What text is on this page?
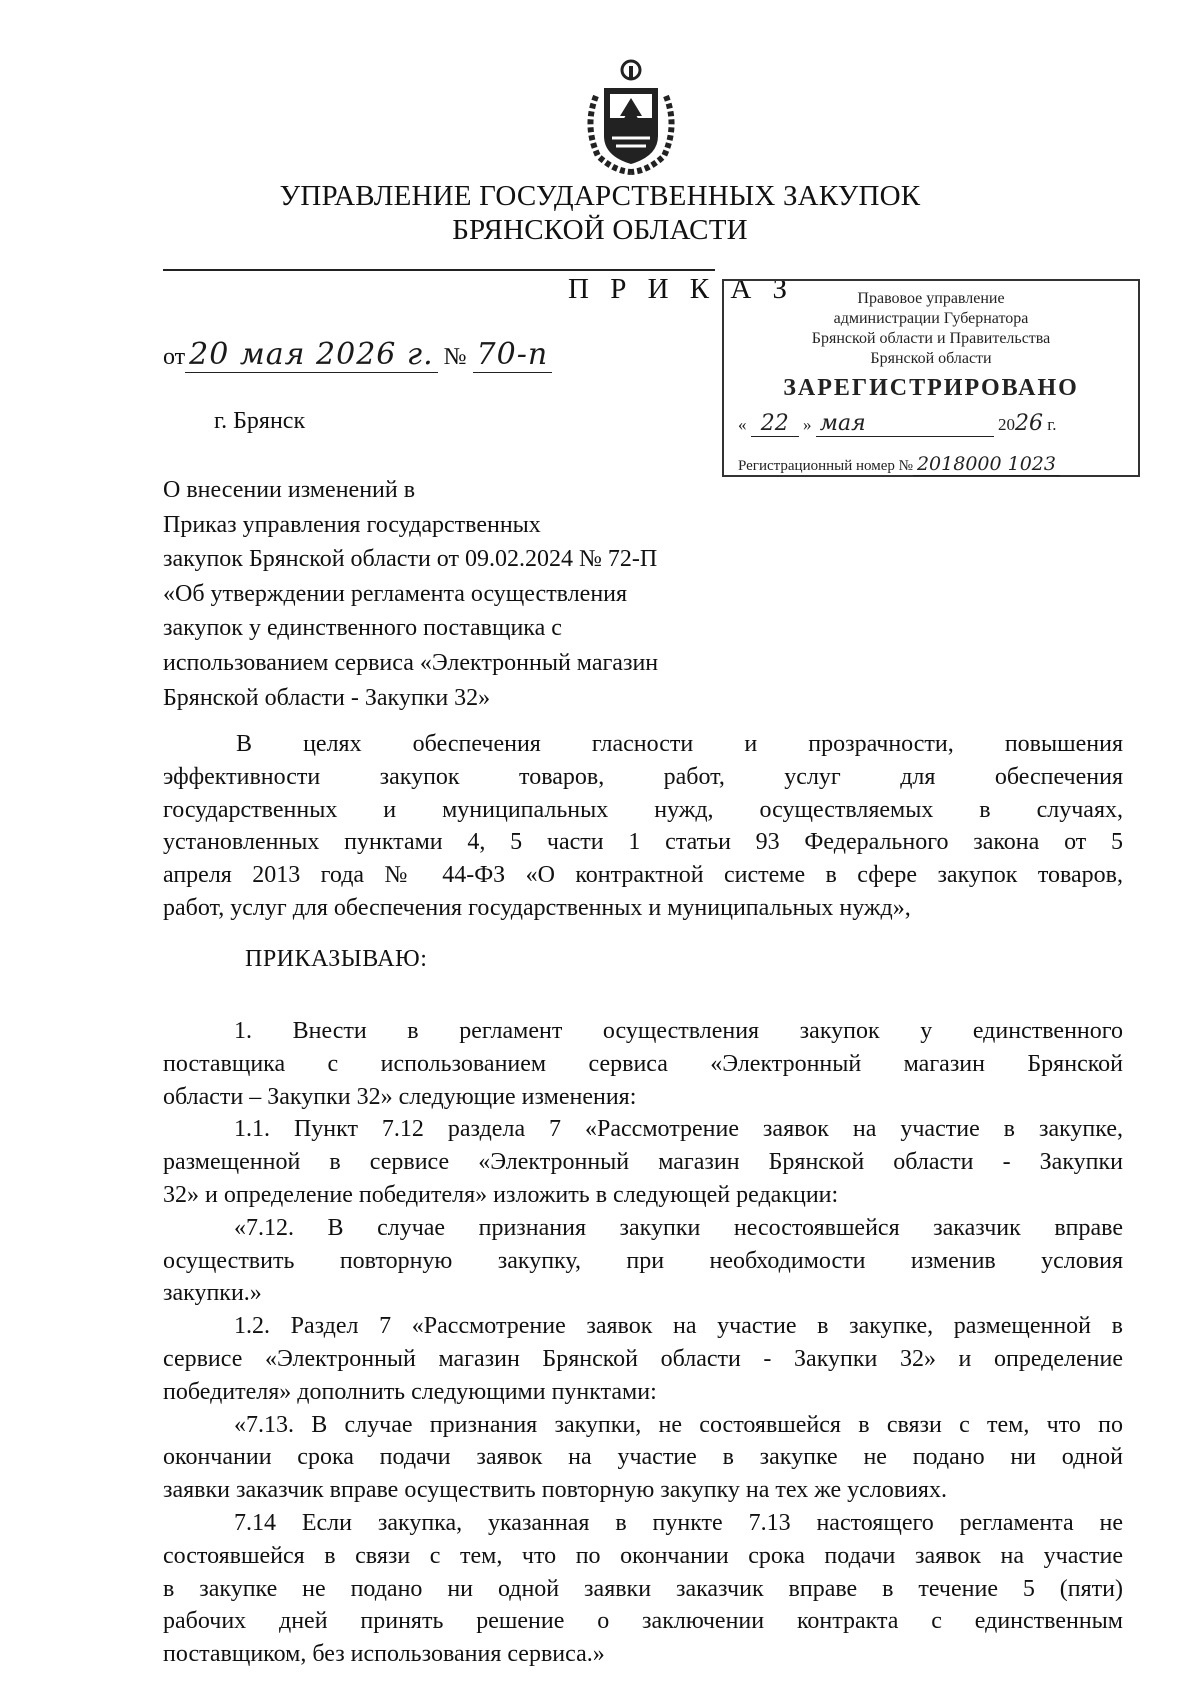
УПРАВЛЕНИЕ ГОСУДАРСТВЕННЫХ ЗАКУПОК
БРЯНСКОЙ ОБЛАСТИ
П Р И К А З
от 20 мая 2026 г. № 70-п
г. Брянск
О внесении изменений в
Приказ управления государственных
закупок Брянской области от 09.02.2024 № 72-П
«Об утверждении регламента осуществления
закупок у единственного поставщика с
использованием сервиса «Электронный магазин
Брянской области - Закупки 32»
Правовое управление
администрации Губернатора
Брянской области и Правительства
Брянской области
ЗАРЕГИСТРИРОВАНО
« 22 » мая	2026 г.
Регистрационный номер № 2018000 1023
В целях обеспечения гласности и прозрачности, повышения
эффективности закупок товаров, работ, услуг для обеспечения
государственных и муниципальных нужд, осуществляемых в случаях,
установленных пунктами 4, 5 части 1 статьи 93 Федерального закона от 5
апреля 2013 года № 44-ФЗ «О контрактной системе в сфере закупок товаров,
работ, услуг для обеспечения государственных и муниципальных нужд»,
ПРИКАЗЫВАЮ:
1. Внести в регламент осуществления закупок у единственного
поставщика с использованием сервиса «Электронный магазин Брянской
области – Закупки 32» следующие изменения:
1.1. Пункт 7.12 раздела 7 «Рассмотрение заявок на участие в закупке,
размещенной в сервисе «Электронный магазин Брянской области - Закупки
32» и определение победителя» изложить в следующей редакции:
«7.12. В случае признания закупки несостоявшейся заказчик вправе
осуществить повторную закупку, при необходимости изменив условия
закупки.»
1.2. Раздел 7 «Рассмотрение заявок на участие в закупке, размещенной в
сервисе «Электронный магазин Брянской области - Закупки 32» и определение
победителя» дополнить следующими пунктами:
«7.13. В случае признания закупки, не состоявшейся в связи с тем, что по
окончании срока подачи заявок на участие в закупке не подано ни одной
заявки заказчик вправе осуществить повторную закупку на тех же условиях.
7.14 Если закупка, указанная в пункте 7.13 настоящего регламента не
состоявшейся в связи с тем, что по окончании срока подачи заявок на участие
в закупке не подано ни одной заявки заказчик вправе в течение 5 (пяти)
рабочих дней принять решение о заключении контракта с единственным
поставщиком, без использования сервиса.»
